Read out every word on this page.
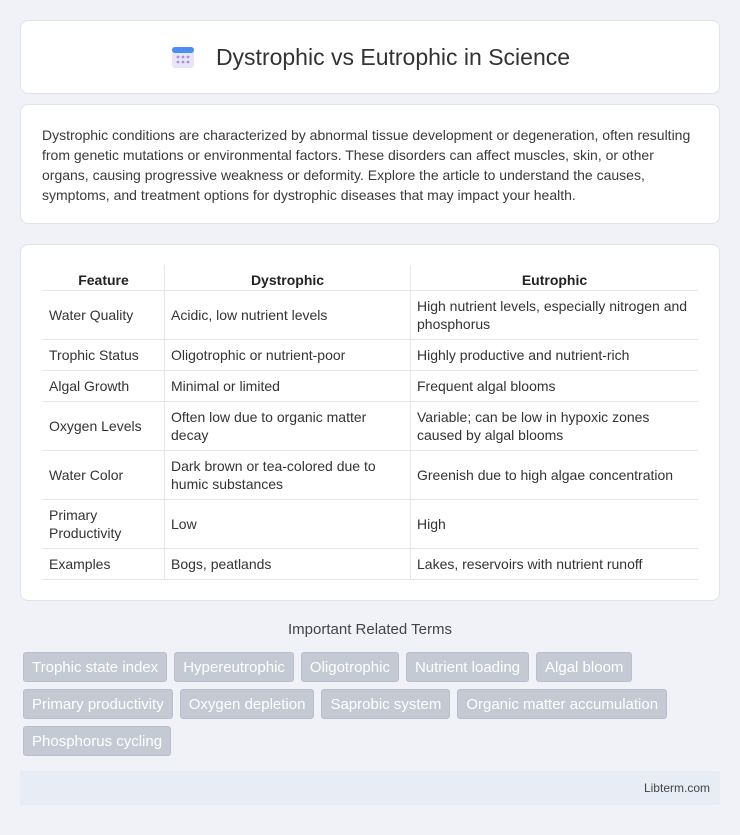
Dystrophic vs Eutrophic in Science

Dystrophic conditions are characterized by abnormal tissue development or degeneration, often resulting from genetic mutations or environmental factors. These disorders can affect muscles, skin, or other organs, causing progressive weakness or deformity. Explore the article to understand the causes, symptoms, and treatment options for dystrophic diseases that may impact your health.

Feature	Dystrophic	Eutrophic
Water Quality	Acidic, low nutrient levels	High nutrient levels, especially nitrogen and phosphorus
Trophic Status	Oligotrophic or nutrient-poor	Highly productive and nutrient-rich
Algal Growth	Minimal or limited	Frequent algal blooms
Oxygen Levels	Often low due to organic matter decay	Variable; can be low in hypoxic zones caused by algal blooms
Water Color	Dark brown or tea-colored due to humic substances	Greenish due to high algae concentration
Primary Productivity	Low	High
Examples	Bogs, peatlands	Lakes, reservoirs with nutrient runoff
Important Related Terms
Trophic state index	Hypereutrophic	Oligotrophic	Nutrient loading	Algal bloom
Primary productivity	Oxygen depletion	Saprobic system	Organic matter accumulation
Phosphorus cycling
Libterm.com
